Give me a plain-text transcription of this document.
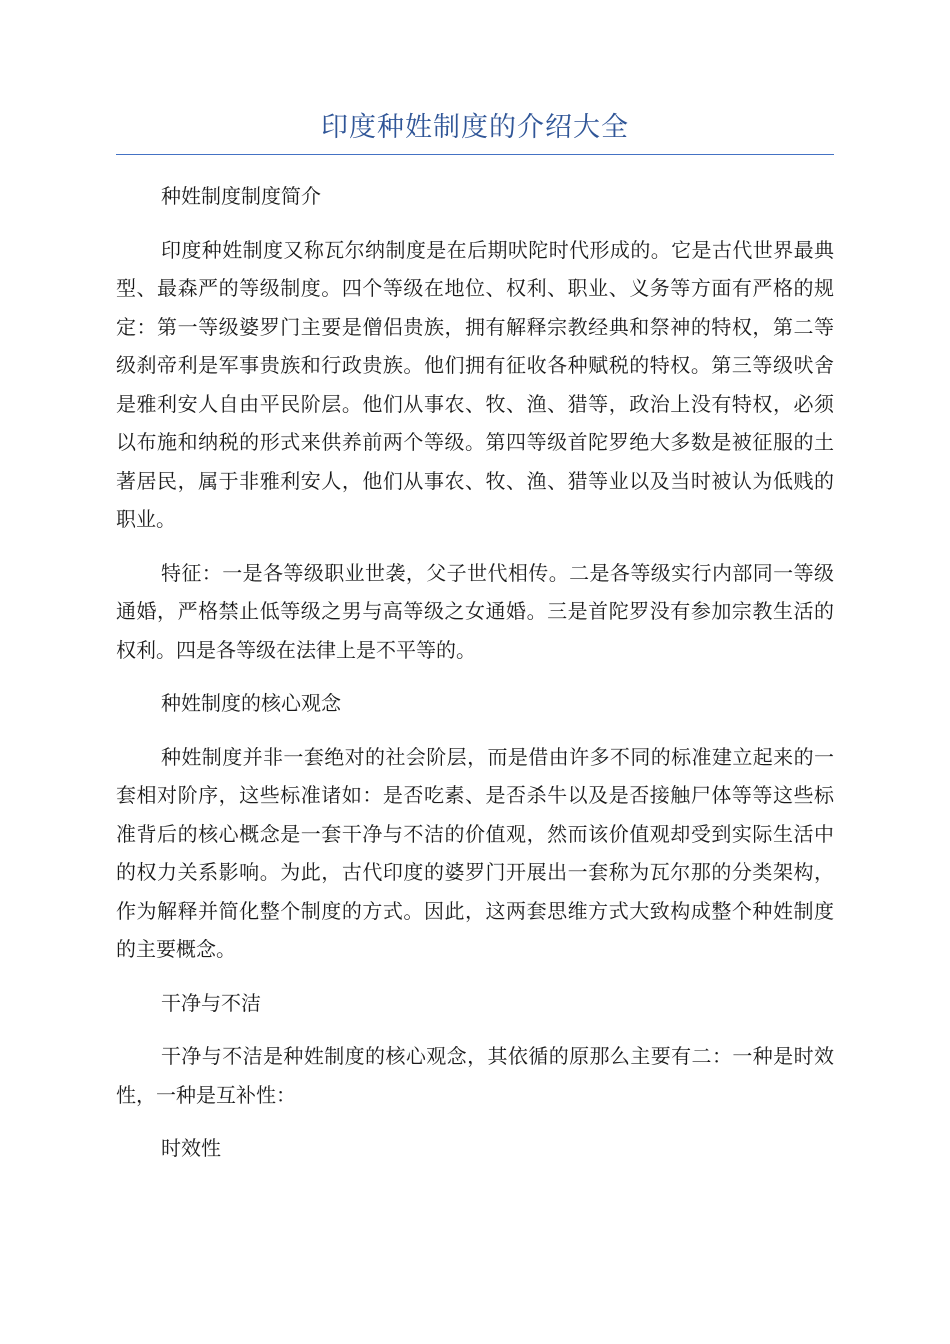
印度种姓制度的介绍大全

种姓制度制度简介

印度种姓制度又称瓦尔纳制度是在后期吠陀时代形成的。它是古代世界最典型、最森严的等级制度。四个等级在地位、权利、职业、义务等方面有严格的规定：第一等级婆罗门主要是僧侣贵族，拥有解释宗教经典和祭神的特权，第二等级刹帝利是军事贵族和行政贵族。他们拥有征收各种赋税的特权。第三等级吠舍是雅利安人自由平民阶层。他们从事农、牧、渔、猎等，政治上没有特权，必须以布施和纳税的形式来供养前两个等级。第四等级首陀罗绝大多数是被征服的土著居民，属于非雅利安人，他们从事农、牧、渔、猎等业以及当时被认为低贱的职业。

特征：一是各等级职业世袭，父子世代相传。二是各等级实行内部同一等级通婚，严格禁止低等级之男与高等级之女通婚。三是首陀罗没有参加宗教生活的权利。四是各等级在法律上是不平等的。

种姓制度的核心观念

种姓制度并非一套绝对的社会阶层，而是借由许多不同的标准建立起来的一套相对阶序，这些标准诸如：是否吃素、是否杀牛以及是否接触尸体等等这些标准背后的核心概念是一套干净与不洁的价值观，然而该价值观却受到实际生活中的权力关系影响。为此，古代印度的婆罗门开展出一套称为瓦尔那的分类架构，作为解释并简化整个制度的方式。因此，这两套思维方式大致构成整个种姓制度的主要概念。

干净与不洁

干净与不洁是种姓制度的核心观念，其依循的原那么主要有二：一种是时效性，一种是互补性：

时效性
